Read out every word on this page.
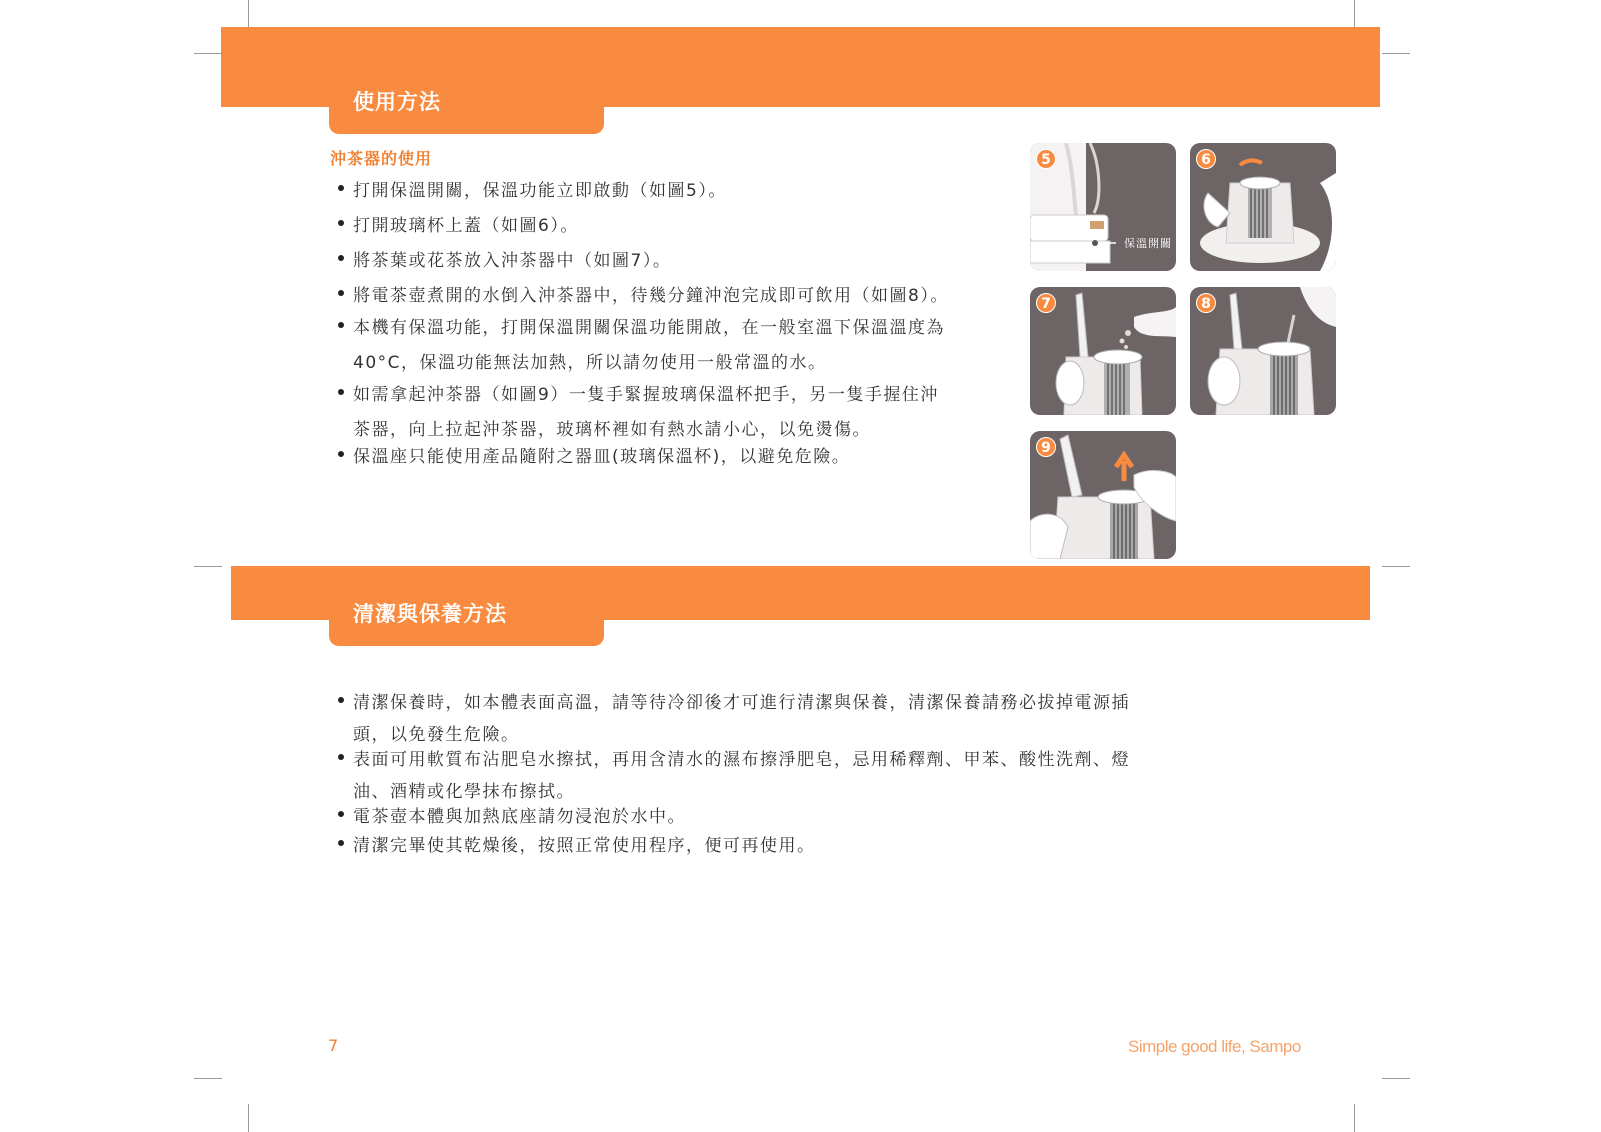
使用方法
沖茶器的使用
打開保溫開關，保溫功能立即啟動（如圖5）。
打開玻璃杯上蓋（如圖6）。
將茶葉或花茶放入沖茶器中（如圖7）。
將電茶壺煮開的水倒入沖茶器中，待幾分鐘沖泡完成即可飲用（如圖8）。
本機有保溫功能，打開保溫開關保溫功能開啟，在一般室溫下保溫溫度為
40°C，保溫功能無法加熱，所以請勿使用一般常溫的水。
如需拿起沖茶器（如圖9）一隻手緊握玻璃保溫杯把手，另一隻手握住沖
茶器，向上拉起沖茶器，玻璃杯裡如有熱水請小心，以免燙傷。
保溫座只能使用產品隨附之器皿(玻璃保溫杯)，以避免危險。
5
保溫開關
6
7	8
9
清潔與保養方法
清潔保養時，如本體表面高溫，請等待冷卻後才可進行清潔與保養，清潔保養請務必拔掉電源插
頭，以免發生危險。
表面可用軟質布沾肥皂水擦拭，再用含清水的濕布擦淨肥皂，忌用稀釋劑、甲苯、酸性洗劑、燈
油、酒精或化學抹布擦拭。
電茶壺本體與加熱底座請勿浸泡於水中。
清潔完畢使其乾燥後，按照正常使用程序，便可再使用。
7	Simple good life, Sampo
